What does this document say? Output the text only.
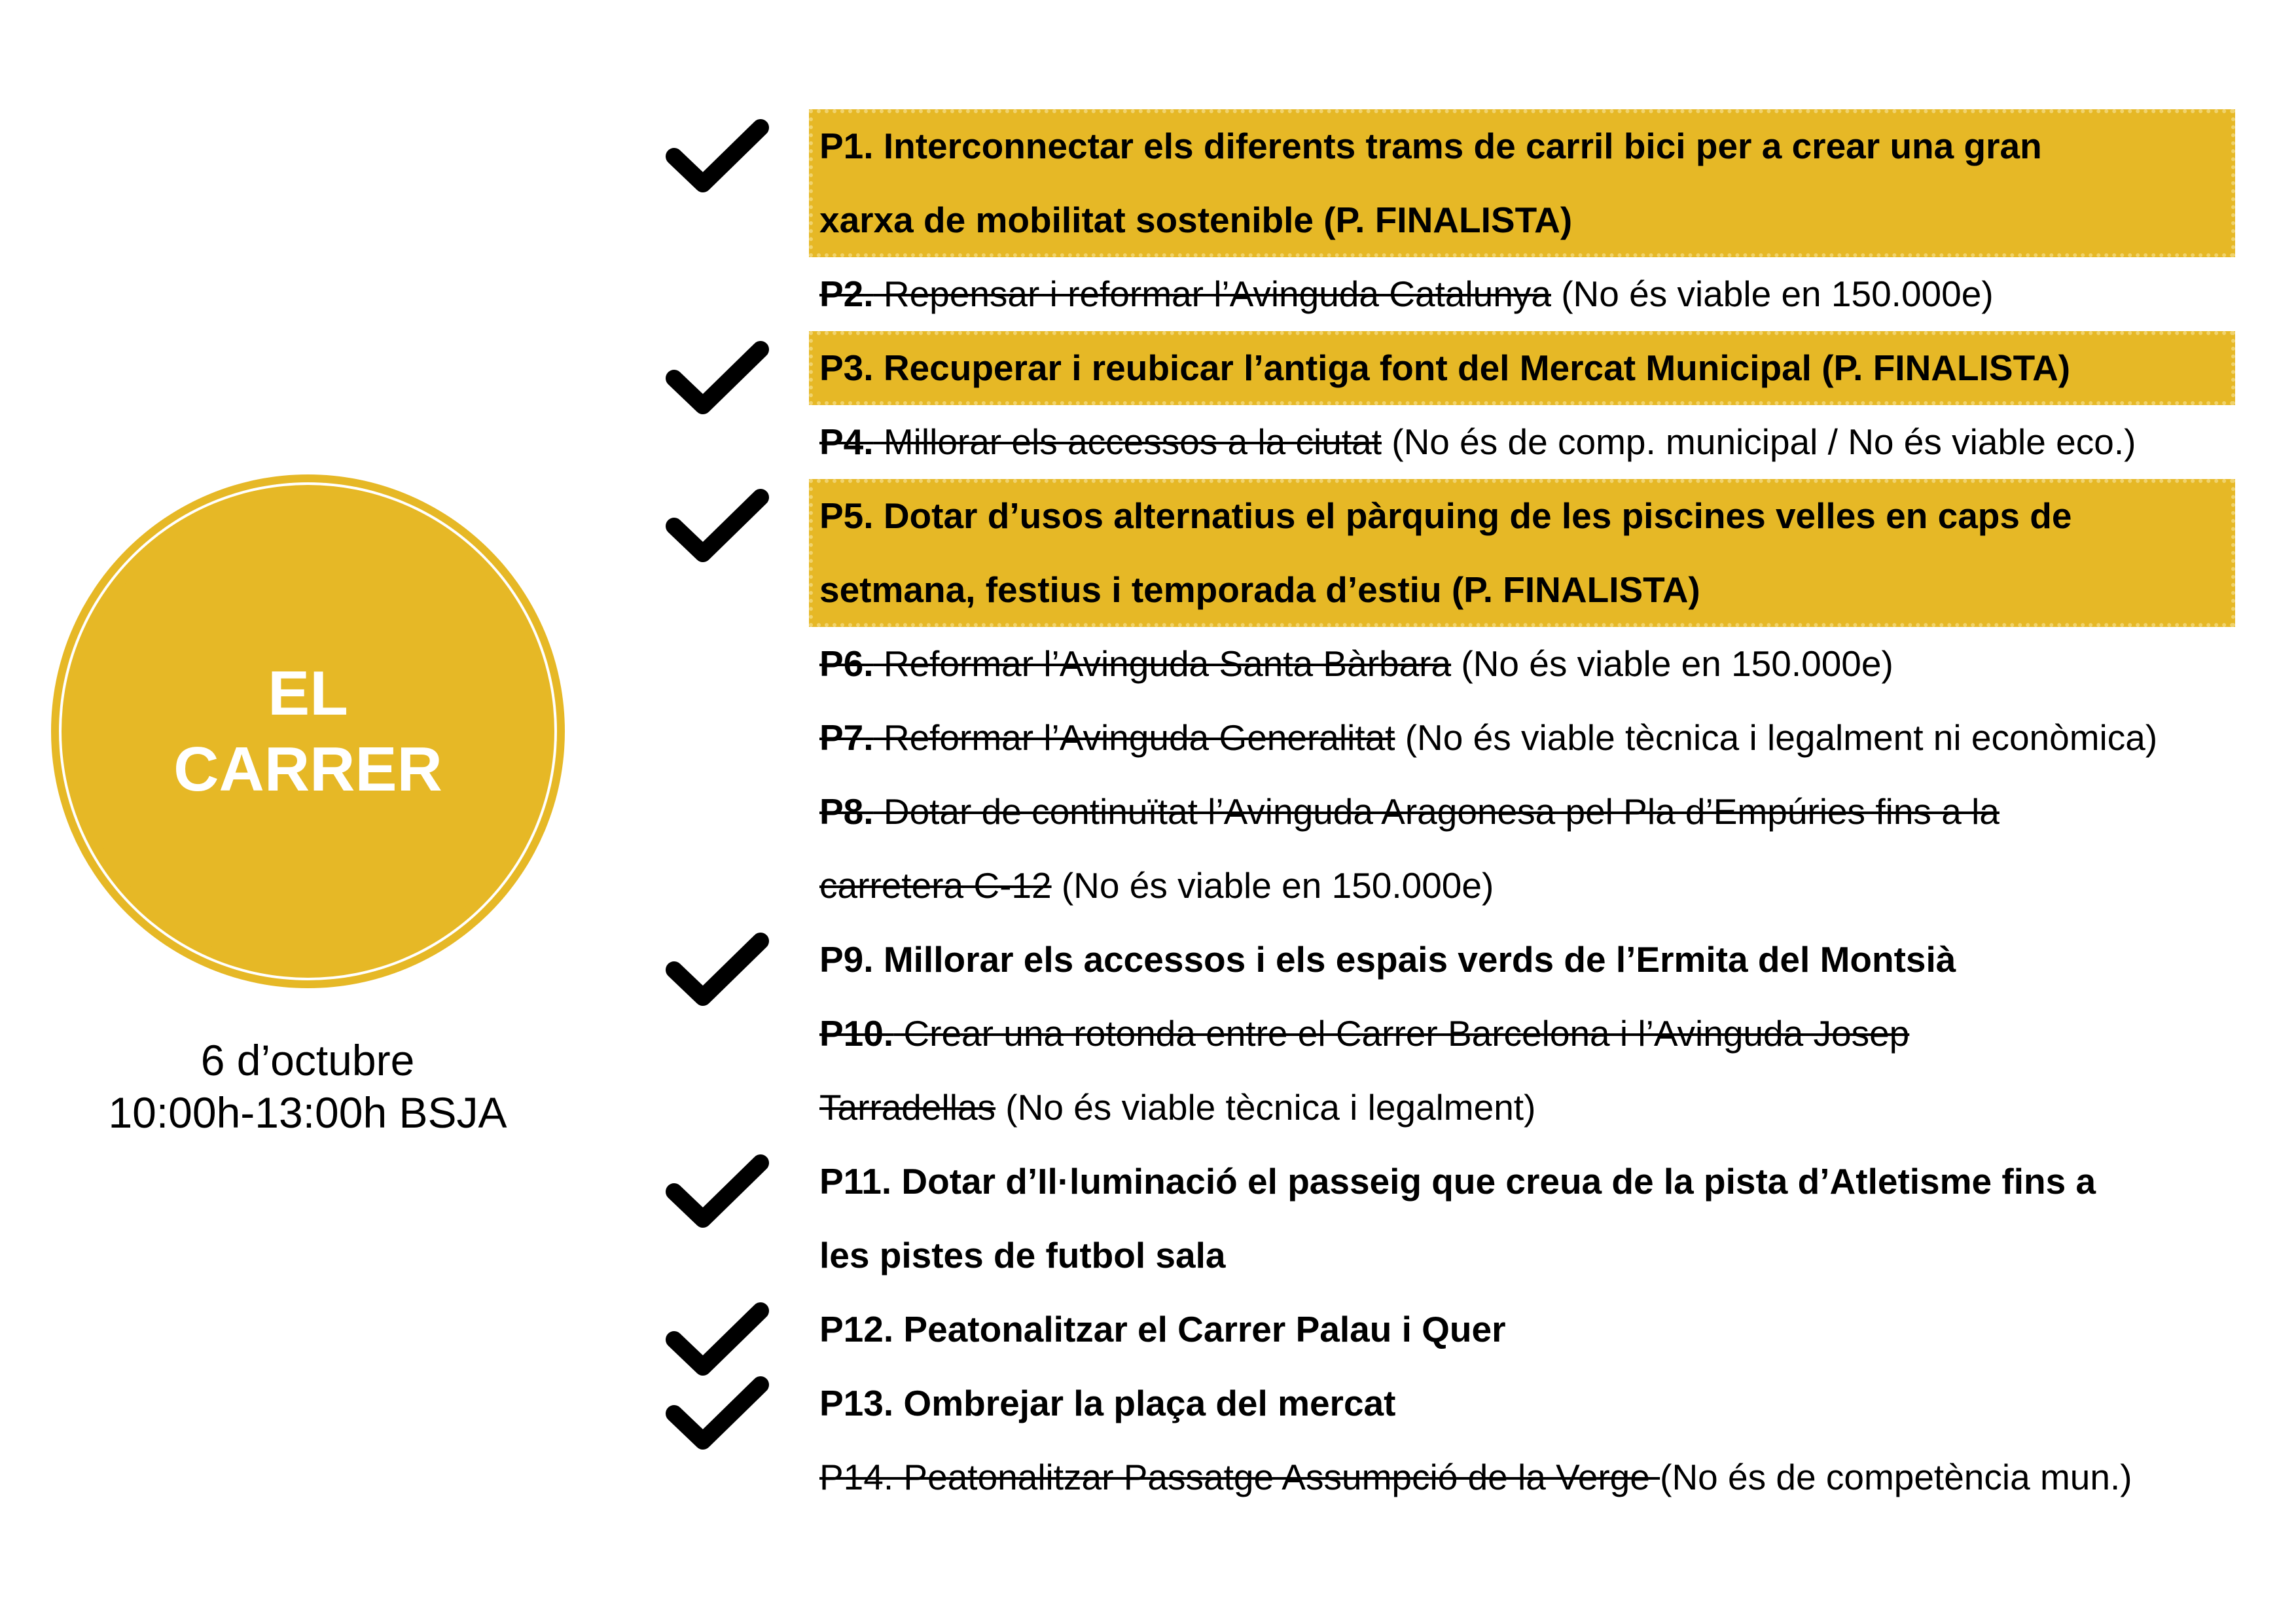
EL
CARRER
6 d’octubre
10:00h-13:00h BSJA
P1. Interconnectar els diferents trams de carril bici per a crear una gran
xarxa de mobilitat sostenible (P. FINALISTA)
P2. Repensar i reformar l’Avinguda Catalunya (No és viable en 150.000e)
P3. Recuperar i reubicar l’antiga font del Mercat Municipal (P. FINALISTA)
P4. Millorar els accessos a la ciutat (No és de comp. municipal / No és viable eco.)
P5. Dotar d’usos alternatius el pàrquing de les piscines velles en caps de
setmana, festius i temporada d’estiu (P. FINALISTA)
P6. Reformar l’Avinguda Santa Bàrbara (No és viable en 150.000e)
P7. Reformar l’Avinguda Generalitat (No és viable tècnica i legalment ni econòmica)
P8. Dotar de continuïtat l’Avinguda Aragonesa pel Pla d’Empúries fins a la
carretera C-12 (No és viable en 150.000e)
P9. Millorar els accessos i els espais verds de l’Ermita del Montsià
P10. Crear una rotonda entre el Carrer Barcelona i l’Avinguda Josep
Tarradellas (No és viable tècnica i legalment)
P11. Dotar d’Il·luminació el passeig que creua de la pista d’Atletisme fins a
les pistes de futbol sala
P12. Peatonalitzar el Carrer Palau i Quer
P13. Ombrejar la plaça del mercat
P14. Peatonalitzar Passatge Assumpció de la Verge (No és de competència mun.)
